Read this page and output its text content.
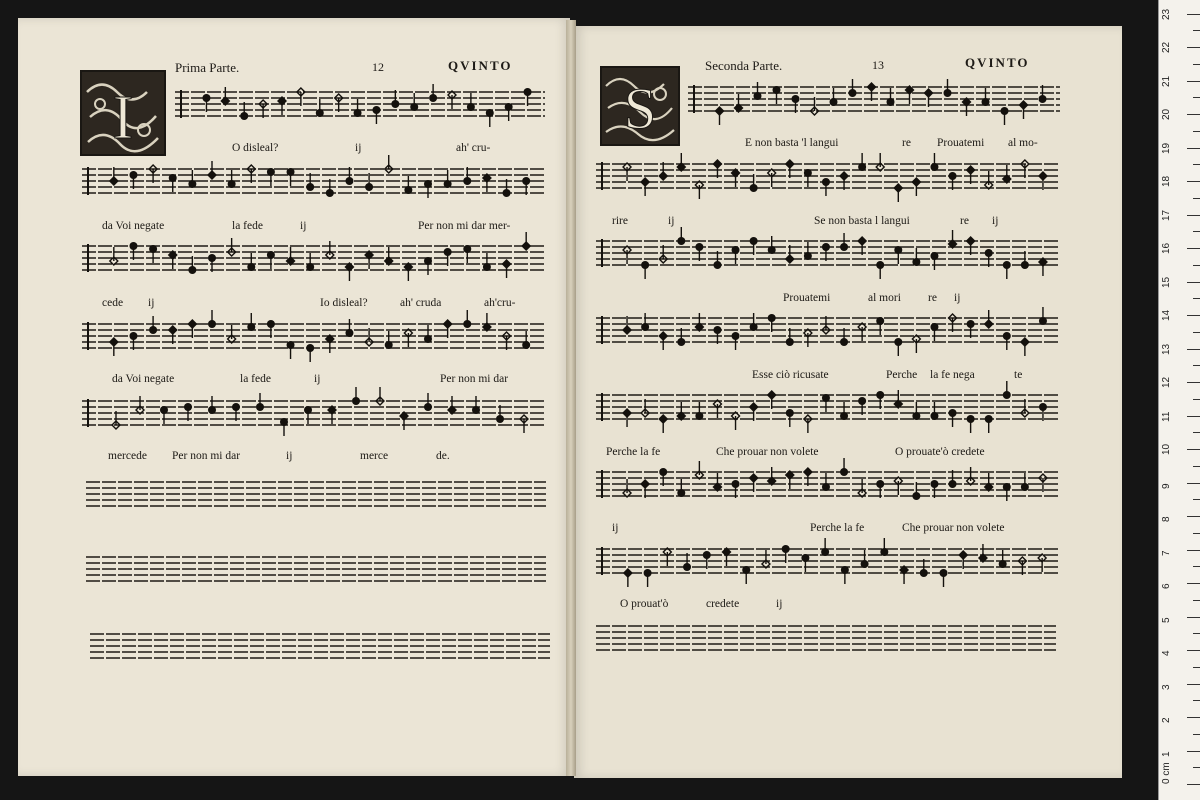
Prima Parte.	12	QVINTO
I
Seconda Parte.	13	QVINTO
S
O disleal?	ij	ah' cru-
da Voi negate	la fede	ij	Per non mi dar mer-
cede ij	Io disleal?	ah' cruda	ah'cru-
da Voi negate	la fede	ij	Per non mi dar
mercede Per non mi dar	ij	merce	de.
E non basta 'l langui	re Prouatemi al mo-
rire	ij	Se non basta l langui	re ij
Prouatemi	al mori re ij
Esse ciò ricusate	Perche la fe nega	te
Perche la fe	Che prouar non volete	O prouate'ò credete
ij	Perche la fe	Che prouar non volete
O prouat'ò	credete	ij
0 cm
1
2
3
4
5
6
7
8
9
10
11
12
13
14
15
16
17
18
19
20
21
22
23
